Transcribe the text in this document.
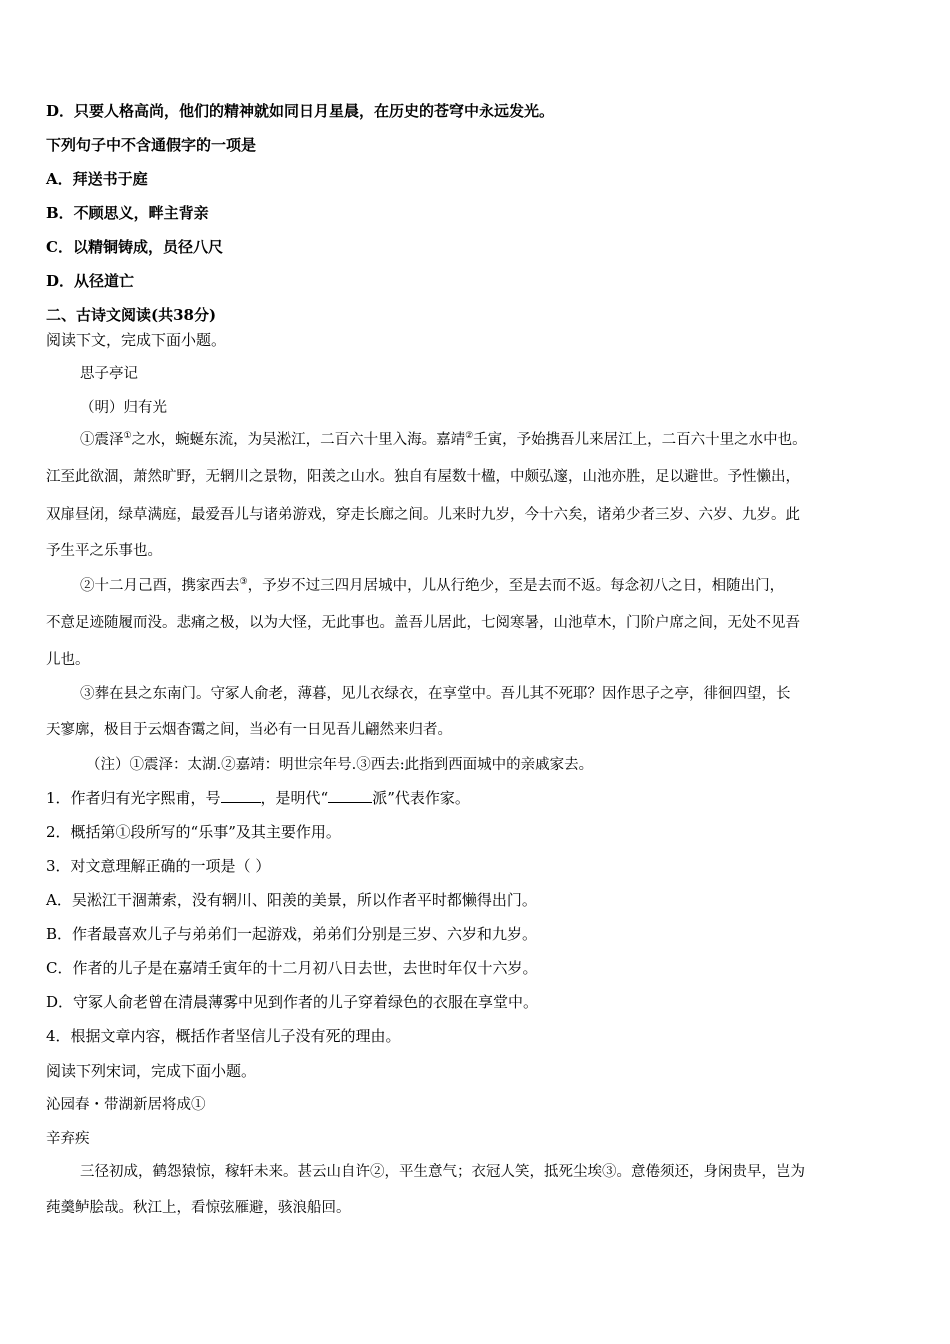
D．只要人格高尚，他们的精神就如同日月星晨，在历史的苍穹中永远发光。
下列句子中不含通假字的一项是
A．拜送书于庭
B．不顾思义，畔主背亲
C．以精铜铸成，员径八尺
D．从径道亡
二、古诗文阅读(共38分)
阅读下文，完成下面小题。
思子亭记
（明）归有光
①震泽①之水，蜿蜒东流，为吴淞江，二百六十里入海。嘉靖②壬寅，予始携吾儿来居江上，二百六十里之水中也。
江至此欲涸，萧然旷野，无辋川之景物，阳羡之山水。独自有屋数十楹，中颇弘邃，山池亦胜，足以避世。予性懒出，
双扉昼闭，绿草满庭，最爱吾儿与诸弟游戏，穿走长廊之间。儿来时九岁，今十六矣，诸弟少者三岁、六岁、九岁。此
予生平之乐事也。
②十二月己酉，携家西去③，予岁不过三四月居城中，儿从行绝少，至是去而不返。每念初八之日，相随出门，
不意足迹随履而没。悲痛之极，以为大怪，无此事也。盖吾儿居此，七阅寒暑，山池草木，门阶户席之间，无处不见吾
儿也。
③葬在县之东南门。守冢人俞老，薄暮，见儿衣绿衣，在享堂中。吾儿其不死耶？因作思子之亭，徘徊四望，长
天寥廓，极目于云烟杳霭之间，当必有一日见吾儿翩然来归者。
（注）①震泽：太湖.②嘉靖：明世宗年号.③西去:此指到西面城中的亲戚家去。
1．作者归有光字熙甫，号	，是明代“	派”代表作家。
2．概括第①段所写的“乐事”及其主要作用。
3．对文意理解正确的一项是（ ）
A．吴淞江干涸萧索，没有辋川、阳羡的美景，所以作者平时都懒得出门。
B．作者最喜欢儿子与弟弟们一起游戏，弟弟们分别是三岁、六岁和九岁。
C．作者的儿子是在嘉靖壬寅年的十二月初八日去世，去世时年仅十六岁。
D．守冢人俞老曾在清晨薄雾中见到作者的儿子穿着绿色的衣服在享堂中。
4．根据文章内容，概括作者坚信儿子没有死的理由。
阅读下列宋词，完成下面小题。
沁园春・带湖新居将成①
辛弃疾
三径初成，鹤怨猿惊，稼轩未来。甚云山自许②，平生意气；衣冠人笑，抵死尘埃③。意倦须还，身闲贵早，岂为
莼羹鲈脍哉。秋江上，看惊弦雁避，骇浪船回。
